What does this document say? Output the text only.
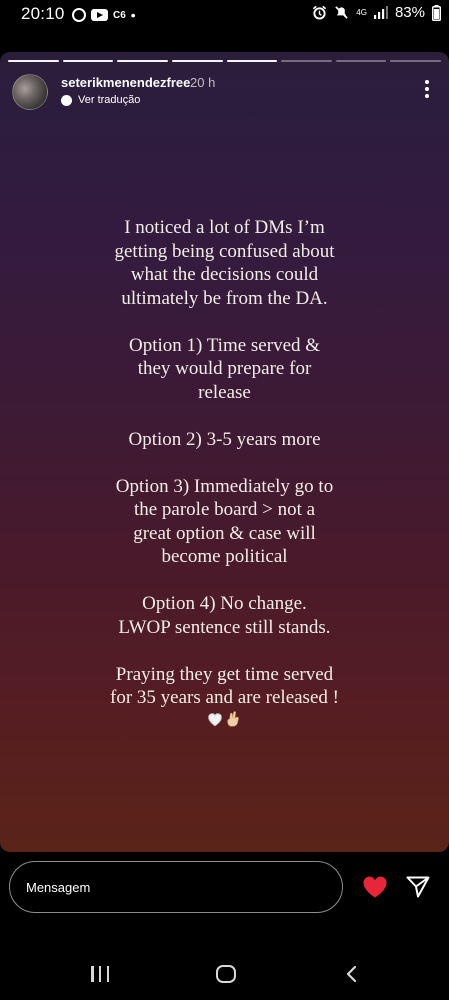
20:10	C6 •	4G 83%
seterikmenendezfree 20 h
Ver tradução

I noticed a lot of DMs I’m
getting being confused about
what the decisions could
ultimately be from the DA.

Option 1) Time served &
they would prepare for
release

Option 2) 3-5 years more

Option 3) Immediately go to
the parole board > not a
great option & case will
become political

Option 4) No change.
LWOP sentence still stands.

Praying they get time served
for 35 years and are released !

Mensagem
